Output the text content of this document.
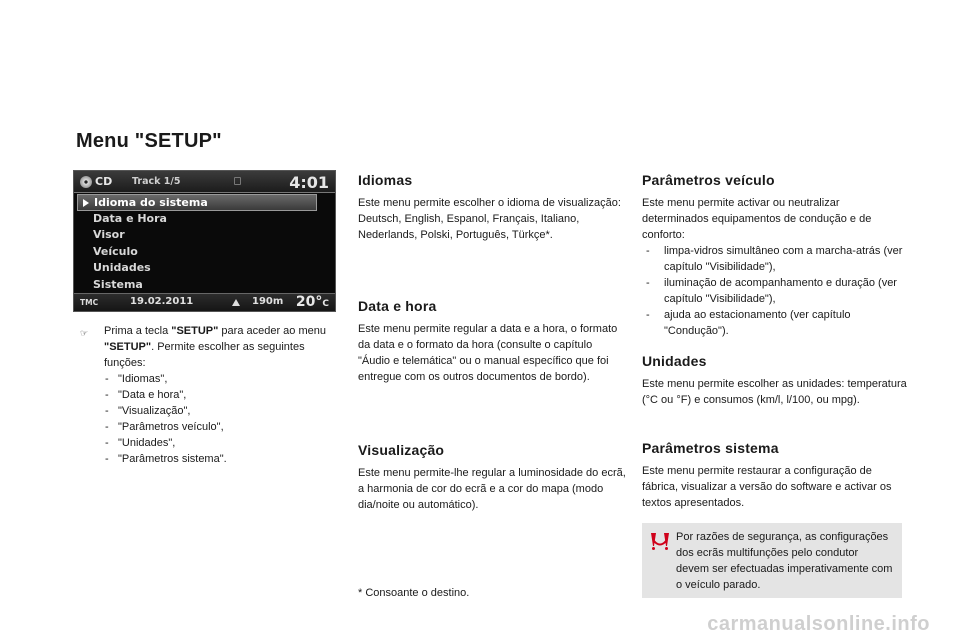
Menu "SETUP"
CD Track 1/5	4:01
Idioma do sistema
Data e Hora
Visor
Veículo
Unidades
Sistema
TMC	19.02.2011	190m 20°C
☞ Prima a tecla "SETUP" para aceder ao menu "SETUP". Permite escolher as seguintes funções:
- "Idiomas",
- "Data e hora",
- "Visualização",
- "Parâmetros veículo",
- "Unidades",
- "Parâmetros sistema".
Idiomas

Este menu permite escolher o idioma de visualização: Deutsch, English, Espanol, Français, Italiano, Nederlands, Polski, Português, Türkçe*.

Data e hora

Este menu permite regular a data e a hora, o formato da data e o formato da hora (consulte o capítulo "Áudio e telemática" ou o manual específico que foi entregue com os outros documentos de bordo).

Visualização

Este menu permite-lhe regular a luminosidade do ecrã, a harmonia de cor do ecrã e a cor do mapa (modo dia/noite ou automático).

* Consoante o destino.
Parâmetros veículo

Este menu permite activar ou neutralizar determinados equipamentos de condução e de conforto:

- limpa-vidros simultâneo com a marcha-atrás (ver capítulo "Visibilidade"),
- iluminação de acompanhamento e duração (ver capítulo "Visibilidade"),
- ajuda ao estacionamento (ver capítulo "Condução").
Unidades

Este menu permite escolher as unidades: temperatura (°C ou °F) e consumos (km/l, l/100, ou mpg).

Parâmetros sistema

Este menu permite restaurar a configuração de fábrica, visualizar a versão do software e activar os textos apresentados.

Por razões de segurança, as configurações dos ecrãs multifunções pelo condutor devem ser efectuadas imperativamente com o veículo parado.

carmanualsonline.info
